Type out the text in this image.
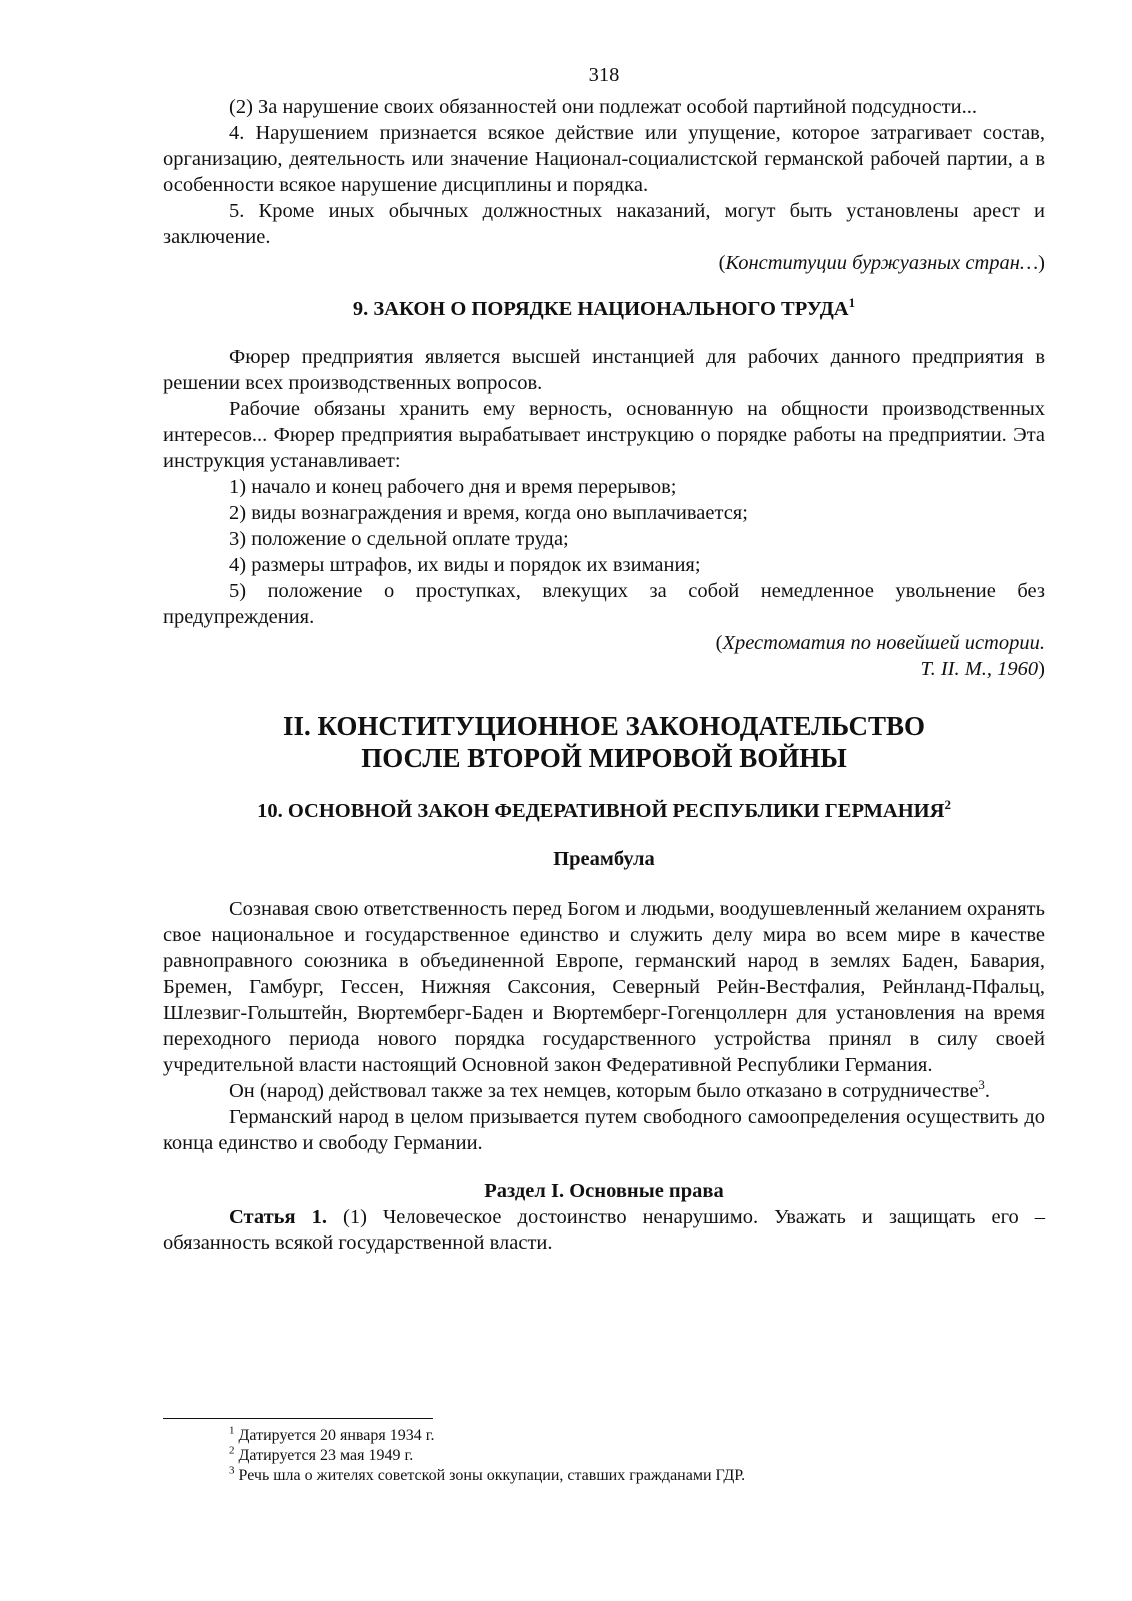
318

(2) За нарушение своих обязанностей они подлежат особой партийной подсудности...

4. Нарушением признается всякое действие или упущение, которое затрагивает состав, организацию, деятельность или значение Национал-социалистской германской рабочей партии, а в особенности всякое нарушение дисциплины и порядка.

5. Кроме иных обычных должностных наказаний, могут быть установлены арест и заключение.

(Конституции буржуазных стран…)

9. ЗАКОН О ПОРЯДКЕ НАЦИОНАЛЬНОГО ТРУДА$^1$

Фюрер предприятия является высшей инстанцией для рабочих данного предприятия в решении всех производственных вопросов.

Рабочие обязаны хранить ему верность, основанную на общности производственных интересов... Фюрер предприятия вырабатывает инструкцию о порядке работы на предприятии. Эта инструкция устанавливает:

1) начало и конец рабочего дня и время перерывов;

2) виды вознаграждения и время, когда оно выплачивается;

3) положение о сдельной оплате труда;

4) размеры штрафов, их виды и порядок их взимания;

5) положение о проступках, влекущих за собой немедленное увольнение без предупреждения.

(Хрестоматия по новейшей истории.

Т. II. М., 1960)

II. КОНСТИТУЦИОННОЕ ЗАКОНОДАТЕЛЬСТВО
ПОСЛЕ ВТОРОЙ МИРОВОЙ ВОЙНЫ

10. ОСНОВНОЙ ЗАКОН ФЕДЕРАТИВНОЙ РЕСПУБЛИКИ ГЕРМАНИЯ$^2$

Преамбула

Сознавая свою ответственность перед Богом и людьми, воодушевленный желанием охранять свое национальное и государственное единство и служить делу мира во всем мире в качестве равноправного союзника в объединенной Европе, германский народ в землях Баден, Бавария, Бремен, Гамбург, Гессен, Нижняя Саксония, Северный Рейн-Вестфалия, Рейнланд-Пфальц, Шлезвиг-Гольштейн, Вюртемберг-Баден и Вюртемберг-Гогенцоллерн для установления на время переходного периода нового порядка государственного устройства принял в силу своей учредительной власти настоящий Основной закон Федеративной Республики Германия.

Он (народ) действовал также за тех немцев, которым было отказано в сотрудничестве$^3$.

Германский народ в целом призывается путем свободного самоопределения осуществить до конца единство и свободу Германии.

Раздел I. Основные права

Статья 1. (1) Человеческое достоинство ненарушимо. Уважать и защищать его – обязанность всякой государственной власти.

$^1$ Датируется 20 января 1934 г.

$^2$ Датируется 23 мая 1949 г.

$^3$ Речь шла о жителях советской зоны оккупации, ставших гражданами ГДР.
